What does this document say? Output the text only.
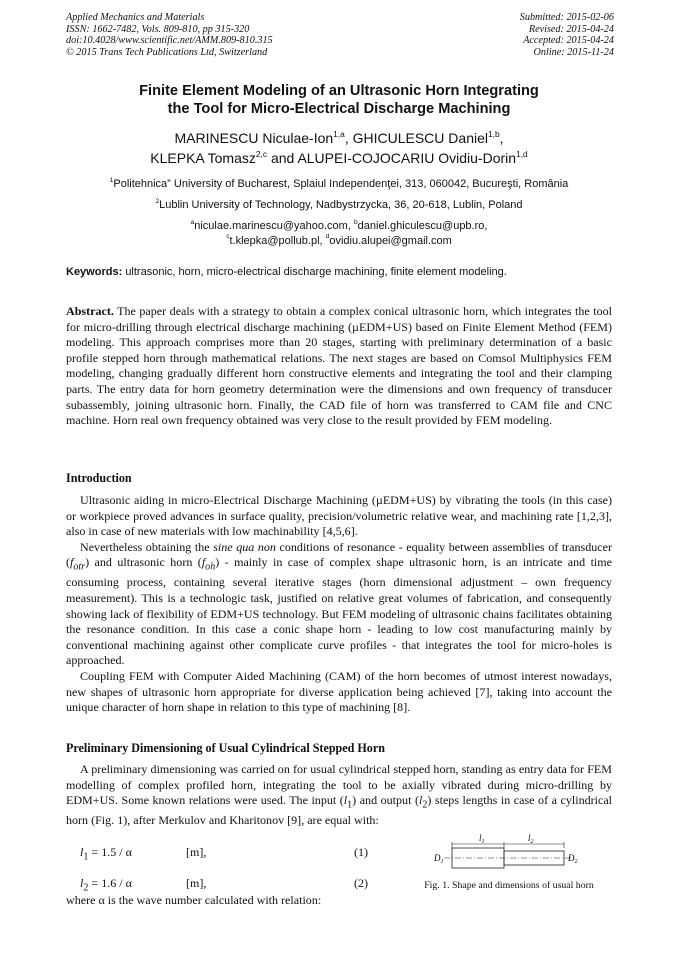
Applied Mechanics and Materials
ISSN: 1662-7482, Vols. 809-810, pp 315-320
doi:10.4028/www.scientific.net/AMM.809-810.315
© 2015 Trans Tech Publications Ltd, Switzerland
Submitted: 2015-02-06
Revised: 2015-04-24
Accepted: 2015-04-24
Online: 2015-11-24
Finite Element Modeling of an Ultrasonic Horn Integrating
the Tool for Micro-Electrical Discharge Machining
MARINESCU Niculae-Ion$^{1,a}$, GHICULESCU Daniel$^{1,b}$,
KLEPKA Tomasz$^{2,c}$ and ALUPEI-COJOCARIU Ovidiu-Dorin$^{1,d}$
$^1$Politehnica” University of Bucharest, Splaiul Independenţei, 313, 060042, Bucureşti, România
$^2$Lublin University of Technology, Nadbystrzycka, 36, 20-618, Lublin, Poland
$^a$niculae.marinescu@yahoo.com, $^b$daniel.ghiculescu@upb.ro,
$^c$t.klepka@pollub.pl, $^d$ovidiu.alupei@gmail.com
Keywords: ultrasonic, horn, micro-electrical discharge machining, finite element modeling.
Abstract. The paper deals with a strategy to obtain a complex conical ultrasonic horn, which integrates the tool for micro-drilling through electrical discharge machining (µEDM+US) based on Finite Element Method (FEM) modeling. This approach comprises more than 20 stages, starting with preliminary determination of a basic profile stepped horn through mathematical relations. The next stages are based on Comsol Multiphysics FEM modeling, changing gradually different horn constructive elements and integrating the tool and their clamping parts. The entry data for horn geometry determination were the dimensions and own frequency of transducer subassembly, joining ultrasonic horn. Finally, the CAD file of horn was transferred to CAM file and CNC machine. Horn real own frequency obtained was very close to the result provided by FEM modeling.
Introduction
Ultrasonic aiding in micro-Electrical Discharge Machining (µEDM+US) by vibrating the tools (in this case) or workpiece proved advances in surface quality, precision/volumetric relative wear, and machining rate [1,2,3], also in case of new materials with low machinability [4,5,6].
Nevertheless obtaining the sine qua non conditions of resonance - equality between assemblies of transducer $(f_{otr})$ and ultrasonic horn $(f_{oh})$ - mainly in case of complex shape ultrasonic horn, is an intricate and time consuming process, containing several iterative stages (horn dimensional adjustment – own frequency measurement). This is a technologic task, justified on relative great volumes of fabrication, and consequently showing lack of flexibility of EDM+US technology. But FEM modeling of ultrasonic chains facilitates obtaining the resonance condition. In this case a conic shape horn - leading to low cost manufacturing mainly by conventional machining against other complicate curve profiles - that integrates the tool for micro-holes is approached.
Coupling FEM with Computer Aided Machining (CAM) of the horn becomes of utmost interest nowadays, new shapes of ultrasonic horn appropriate for diverse application being achieved [7], taking into account the unique character of horn shape in relation to this type of machining [8].
Preliminary Dimensioning of Usual Cylindrical Stepped Horn
A preliminary dimensioning was carried on for usual cylindrical stepped horn, standing as entry data for FEM modelling of complex profiled horn, integrating the tool to be axially vibrated during micro-drilling by EDM+US. Some known relations were used. The input $(l_1)$ and output $(l_2)$ steps lengths in case of a cylindrical horn (Fig. 1), after Merkulov and Kharitonov [9], are equal with:
$l_1 = 1.5 / \alpha$	[m],	(1)
$l_2 = 1.6 / \alpha$	[m],	(2)
$l_1$	$l_2$
$D_1$	$D_2$
Fig. 1. Shape and dimensions of usual horn
where α is the wave number calculated with relation:
